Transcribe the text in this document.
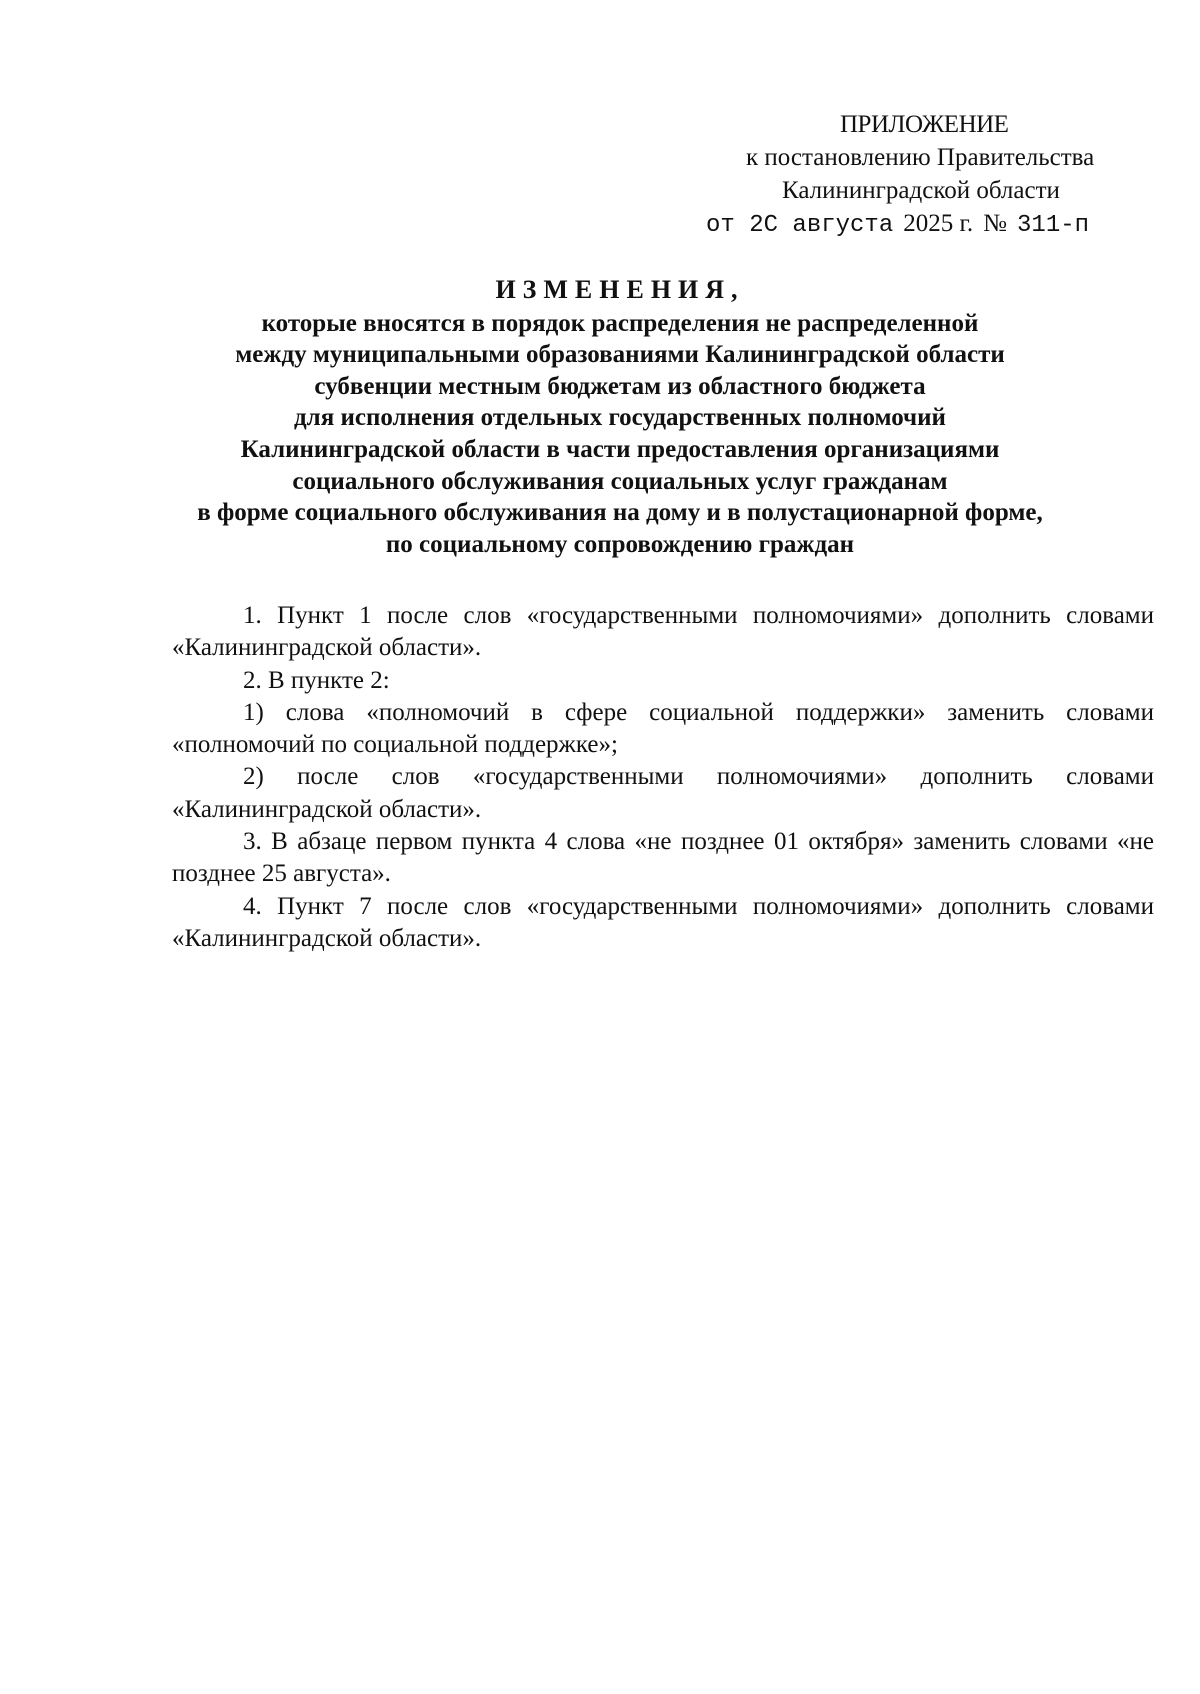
ПРИЛОЖЕНИЕ
к постановлению Правительства
Калининградской области
от 2С августа 2025 г. № 311-п
ИЗМЕНЕНИЯ,
которые вносятся в порядок распределения не распределенной
между муниципальными образованиями Калининградской области
субвенции местным бюджетам из областного бюджета
для исполнения отдельных государственных полномочий
Калининградской области в части предоставления организациями
социального обслуживания социальных услуг гражданам
в форме социального обслуживания на дому и в полустационарной форме,
по социальному сопровождению граждан

1. Пункт 1 после слов «государственными полномочиями» дополнить словами «Калининградской области».

2. В пункте 2:

1) слова «полномочий в сфере социальной поддержки» заменить словами «полномочий по социальной поддержке»;

2) после слов «государственными полномочиями» дополнить словами «Калининградской области».

3. В абзаце первом пункта 4 слова «не позднее 01 октября» заменить словами «не позднее 25 августа».

4. Пункт 7 после слов «государственными полномочиями» дополнить словами «Калининградской области».
